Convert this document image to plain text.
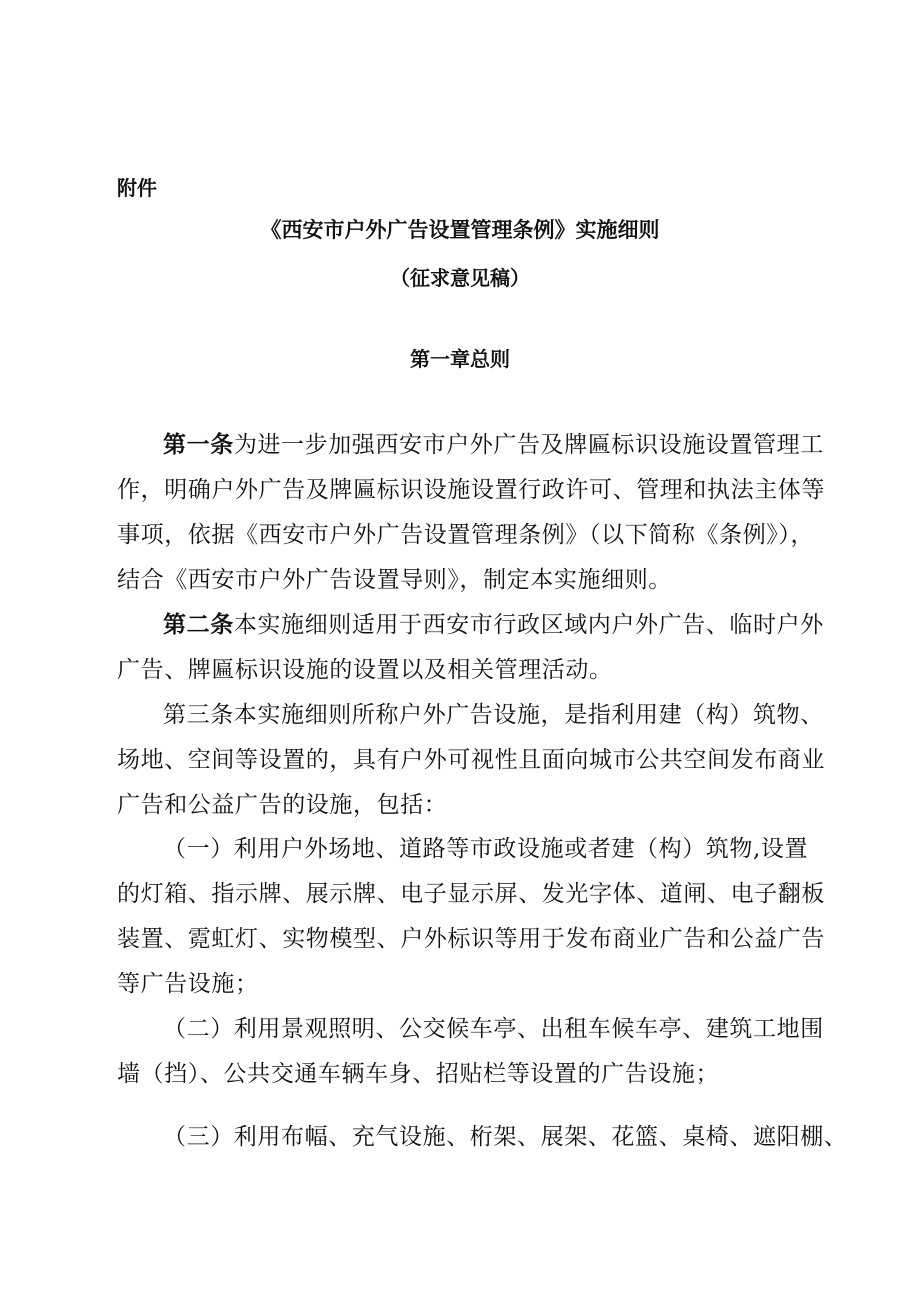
附件
《西安市户外广告设置管理条例》实施细则
（征求意见稿）
第一章总则
第一条为进一步加强西安市户外广告及牌匾标识设施设置管理工
作，明确户外广告及牌匾标识设施设置行政许可、管理和执法主体等
事项，依据《西安市户外广告设置管理条例》（以下简称《条例》），
结合《西安市户外广告设置导则》，制定本实施细则。
第二条本实施细则适用于西安市行政区域内户外广告、临时户外
广告、牌匾标识设施的设置以及相关管理活动。
第三条本实施细则所称户外广告设施，是指利用建（构）筑物、
场地、空间等设置的，具有户外可视性且面向城市公共空间发布商业
广告和公益广告的设施，包括：
（一）利用户外场地、道路等市政设施或者建（构）筑物,设置
的灯箱、指示牌、展示牌、电子显示屏、发光字体、道闸、电子翻板
装置、霓虹灯、实物模型、户外标识等用于发布商业广告和公益广告
等广告设施；
（二）利用景观照明、公交候车亭、出租车候车亭、建筑工地围
墙（挡）、公共交通车辆车身、招贴栏等设置的广告设施；
（三）利用布幅、充气设施、桁架、展架、花篮、桌椅、遮阳棚、
